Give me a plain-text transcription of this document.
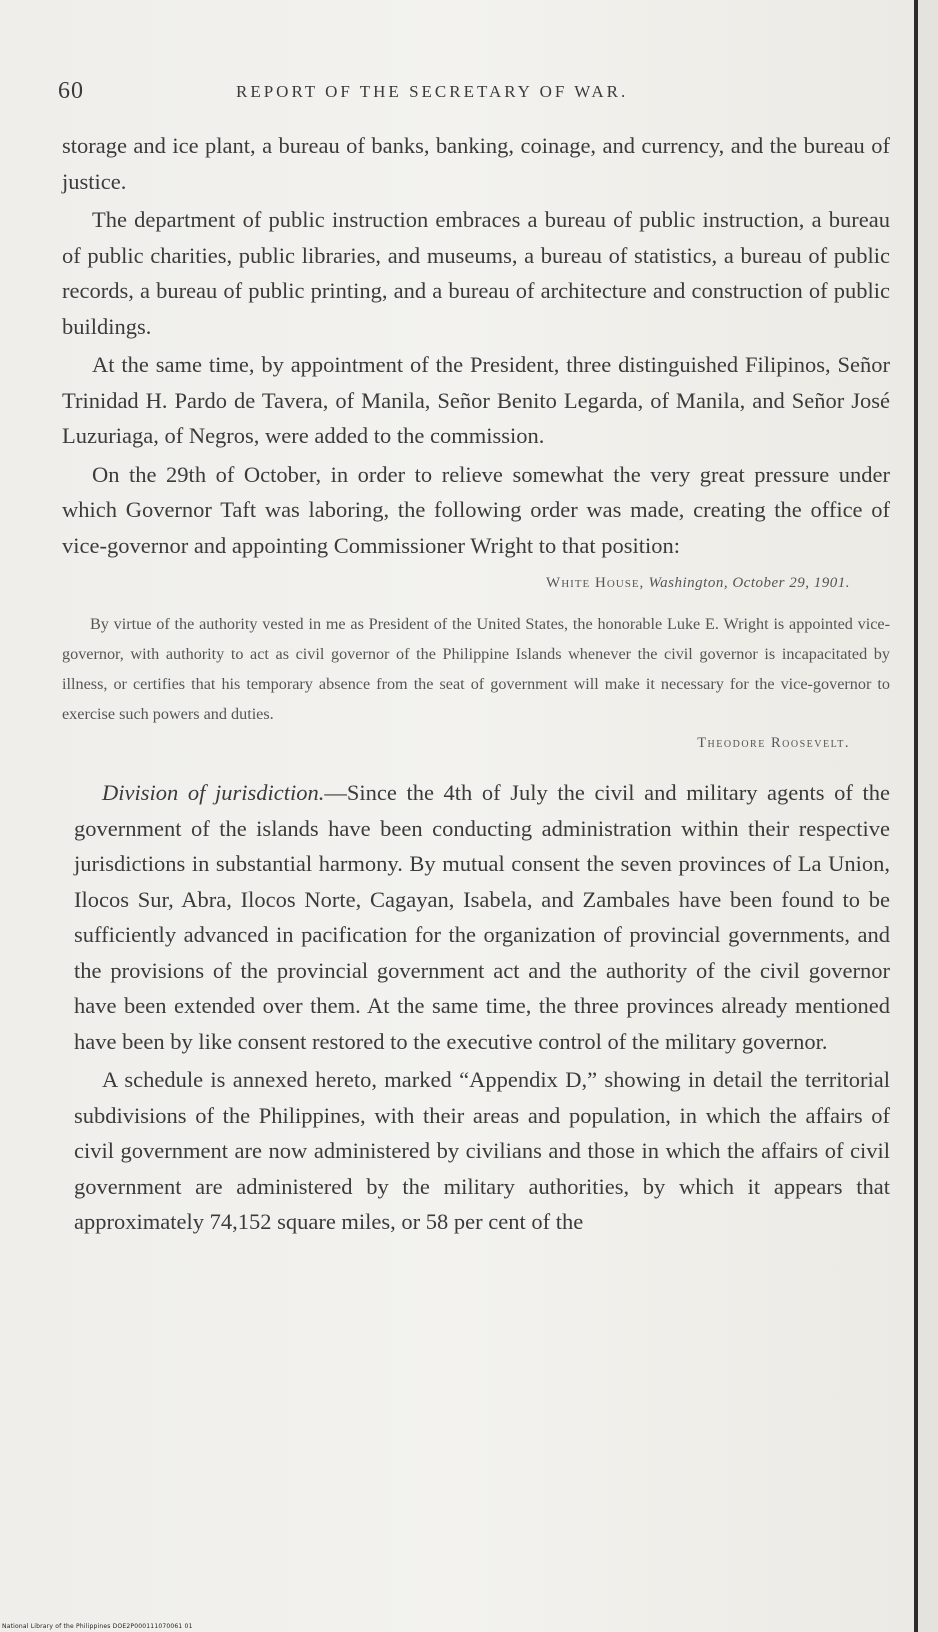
60	REPORT OF THE SECRETARY OF WAR.

storage and ice plant, a bureau of banks, banking, coinage, and currency, and the bureau of justice.

The department of public instruction embraces a bureau of public instruction, a bureau of public charities, public libraries, and museums, a bureau of statistics, a bureau of public records, a bureau of public printing, and a bureau of architecture and construction of public buildings.

At the same time, by appointment of the President, three distinguished Filipinos, Señor Trinidad H. Pardo de Tavera, of Manila, Señor Benito Legarda, of Manila, and Señor José Luzuriaga, of Negros, were added to the commission.

On the 29th of October, in order to relieve somewhat the very great pressure under which Governor Taft was laboring, the following order was made, creating the office of vice-governor and appointing Commissioner Wright to that position:

White House, Washington, October 29, 1901.

By virtue of the authority vested in me as President of the United States, the honorable Luke E. Wright is appointed vice-governor, with authority to act as civil governor of the Philippine Islands whenever the civil governor is incapacitated by illness, or certifies that his temporary absence from the seat of government will make it necessary for the vice-governor to exercise such powers and duties.

Theodore Roosevelt.

Division of jurisdiction.—Since the 4th of July the civil and military agents of the government of the islands have been conducting administration within their respective jurisdictions in substantial harmony. By mutual consent the seven provinces of La Union, Ilocos Sur, Abra, Ilocos Norte, Cagayan, Isabela, and Zambales have been found to be sufficiently advanced in pacification for the organization of provincial governments, and the provisions of the provincial government act and the authority of the civil governor have been extended over them. At the same time, the three provinces already mentioned have been by like consent restored to the executive control of the military governor.

A schedule is annexed hereto, marked “Appendix D,” showing in detail the territorial subdivisions of the Philippines, with their areas and population, in which the affairs of civil government are now administered by civilians and those in which the affairs of civil government are administered by the military authorities, by which it appears that approximately 74,152 square miles, or 58 per cent of the

National Library of the Philippines DOE2P000111070061 01
